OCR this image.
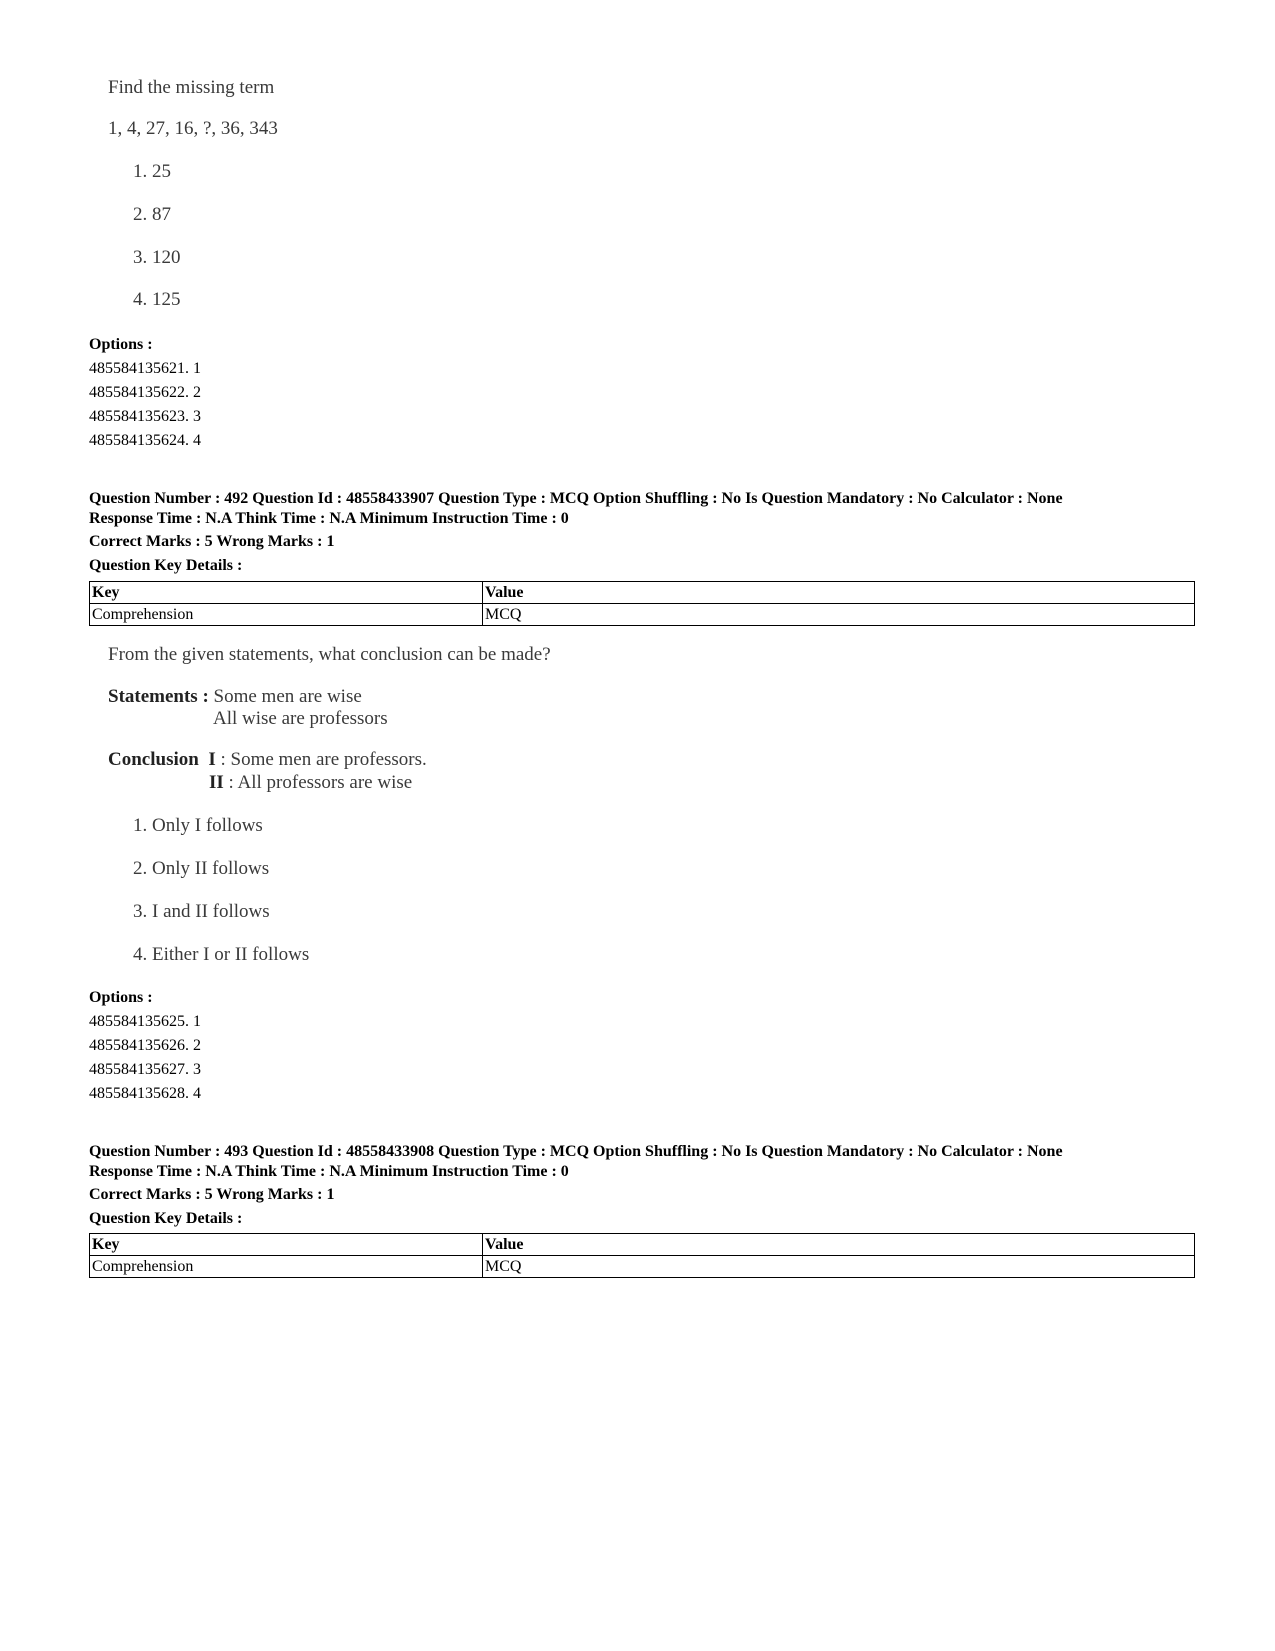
Find the missing term
1, 4, 27, 16, ?, 36, 343
1. 25
2. 87
3. 120
4. 125
Options :
485584135621. 1
485584135622. 2
485584135623. 3
485584135624. 4
Question Number : 492 Question Id : 48558433907 Question Type : MCQ Option Shuffling : No Is Question Mandatory : No Calculator : None
Response Time : N.A Think Time : N.A Minimum Instruction Time : 0
Correct Marks : 5 Wrong Marks : 1
Question Key Details :
Key	Value
Comprehension	MCQ
From the given statements, what conclusion can be made?
Statements : Some men are wise
All wise are professors
Conclusion I : Some men are professors.
II : All professors are wise
1. Only I follows
2. Only II follows
3. I and II follows
4. Either I or II follows
Options :
485584135625. 1
485584135626. 2
485584135627. 3
485584135628. 4
Question Number : 493 Question Id : 48558433908 Question Type : MCQ Option Shuffling : No Is Question Mandatory : No Calculator : None
Response Time : N.A Think Time : N.A Minimum Instruction Time : 0
Correct Marks : 5 Wrong Marks : 1
Question Key Details :
Key	Value
Comprehension	MCQ
